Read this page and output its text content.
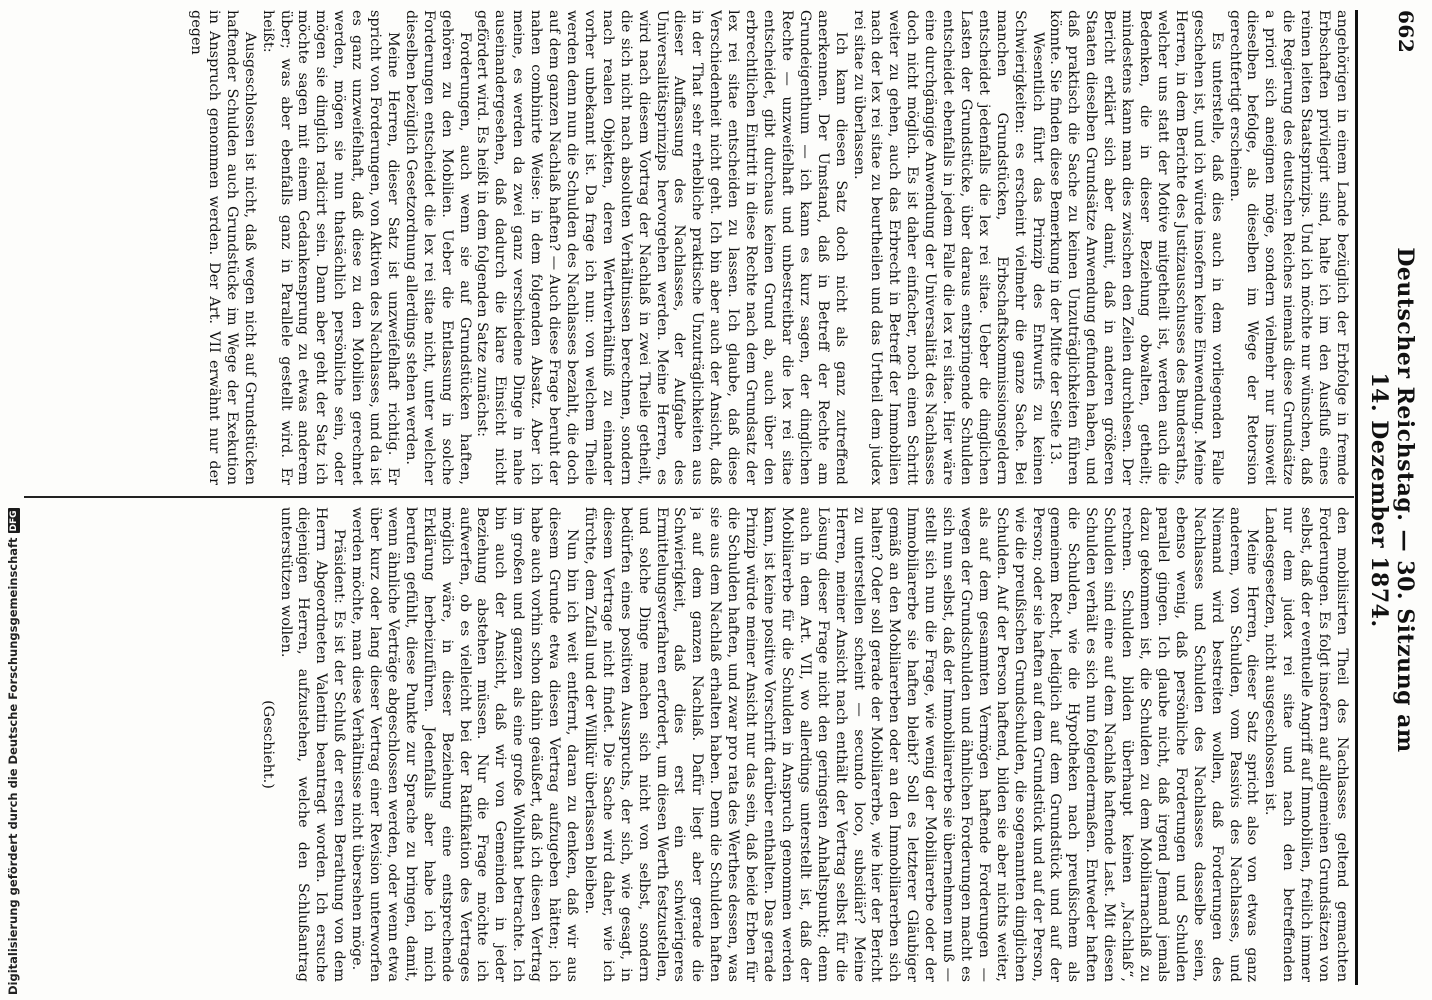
662
Deutscher Reichstag. — 30. Sitzung am 14. Dezember 1874.

angehörigen in einem Lande bezüglich der Erbfolge in fremde Erbschaften privilegirt sind, halte ich im den Ausfluß eines reinen leiten Staatsprinzips. Und ich möchte nur wünschen, daß die Regierung des deutschen Reiches niemals diese Grundsätze a priori sich aneignen möge, sondern vielmehr nur insoweit dieselben befolge, als dieselben im Wege der Retorsion gerechtfertigt erscheinen.

Es unterstelle, daß dies auch in dem vorliegenden Falle geschehen ist, und ich würde insofern keine Einwendung. Meine Herren, in dem Berichte des Justizausschusses des Bundesraths, welcher uns statt der Motive mitgetheilt ist, werden auch die Bedenken, die in dieser Beziehung obwalten, getheilt; mindestens kann man dies zwischen den Zeilen durchlesen. Der Bericht erklärt sich aber damit, daß in anderen größeren Staaten dieselben Grundsätze Anwendung gefunden haben, und daß praktisch die Sache zu keinen Unzuträglichkeiten führen könnte. Sie finden diese Bemerkung in der Mitte der Seite 13.

Wesentlich führt das Prinzip des Entwurfs zu keinen Schwierigkeiten: es erscheint vielmehr die ganze Sache. Bei manchen Grundstücken, Erbschaftskommissionsgeldern entscheidet jedenfalls die lex rei sitae. Ueber die dinglichen Lasten der Grundstücke, über daraus entspringende Schulden entscheidet ebenfalls in jedem Falle die lex rei sitae. Hier wäre eine durchgängige Anwendung der Universalität des Nachlasses doch nicht möglich. Es ist daher einfacher, noch einen Schritt weiter zu gehen, auch das Erbrecht in Betreff der Immobilien nach der lex rei sitae zu beurtheilen und das Urtheil dem judex rei sitae zu überlassen.

Ich kann diesen Satz doch nicht als ganz zutreffend anerkennen. Der Umstand, daß in Betreff der Rechte am Grundeigenthum — ich kann es kurz sagen, der dinglichen Rechte — unzweifelhaft und unbestreitbar die lex rei sitae entscheidet, gibt durchaus keinen Grund ab, auch über den erbrechtlichen Eintritt in diese Rechte nach dem Grundsatz der lex rei sitae entscheiden zu lassen. Ich glaube, daß diese Verschiedenheit nicht geht. Ich bin aber auch der Ansicht, daß in der That sehr erhebliche praktische Unzuträglichkeiten aus dieser Auffassung des Nachlasses, der Aufgabe des Universalitätsprinzips hervorgehen werden. Meine Herren, es wird nach diesem Vortrag der Nachlaß in zwei Theile getheilt, die sich nicht nach absoluten Verhältnissen berechnen, sondern nach realen Objekten, deren Werthverhältniß zu einander vorher unbekannt ist. Da frage ich nun: von welchem Theile werden denn nun die Schulden des Nachlasses bezahlt, die doch auf dem ganzen Nachlaß haften? — Auch diese Frage beruht der nahen combinirte Weise: in dem folgenden Absatz. Aber ich meine, es werden da zwei ganz verschiedene Dinge in nahe auseinandergesehen, daß dadurch die klare Einsicht nicht gefördert wird. Es heißt in dem folgenden Satze zunächst:

Forderungen, auch wenn sie auf Grundstücken haften, gehören zu den Mobilien. Ueber die Entlassung in solche Forderungen entscheidet die lex rei sitae nicht, unter welcher dieselben bezüglich Gesetzordnung allerdings stehen werden.

Meine Herren, dieser Satz ist unzweifelhaft richtig. Er spricht von Forderungen, von Aktiven des Nachlasses, und da ist es ganz unzweifelhaft, daß diese zu den Mobilien gerechnet werden, mögen sie nun thatsächlich persönliche sein, oder mögen sie dinglich radicirt sein. Dann aber geht der Satz ich möchte sagen mit einem Gedankensprung zu etwas anderem über; was aber ebenfalls ganz in Parallele gestellt wird. Er heißt:

Ausgeschlossen ist nicht, daß wegen nicht auf Grundstücken haftender Schulden auch Grundstücke im Wege der Exekution in Anspruch genommen werden. Der Art. VII erwähnt nur der gegen

den mobilisirten Theil des Nachlasses geltend gemachten Forderungen. Es folgt insofern auf allgemeinen Grundsätzen von selbst, daß der eventuelle Angriff auf Immobilien, freilich immer nur dem judex rei sitae und nach den betreffenden Landesgesetzen, nicht ausgeschlossen ist.

Meine Herren, dieser Satz spricht also von etwas ganz anderem, von Schulden, vom Passivis des Nachlasses, und Niemand wird bestreiten wollen, daß Forderungen des Nachlasses und Schulden des Nachlasses dasselbe seien, ebenso wenig, daß persönliche Forderungen und Schulden parallel gingen. Ich glaube nicht, daß irgend Jemand jemals dazu gekommen ist, die Schulden zu dem Mobiliarnachlaß zu rechnen. Schulden bilden überhaupt keinen „Nachlaß“, Schulden sind eine auf dem Nachlaß haftende Last. Mit diesen Schulden verhält es sich nun folgendermaßen. Entweder haften die Schulden, wie die Hypotheken nach preußischem als gemeinem Recht, lediglich auf dem Grundstück und auf der Person; oder sie haften auf dem Grundstück und auf der Person, wie die preußischen Grundschulden, die sogenannten dinglichen Schulden. Auf der Person haftend, bilden sie aber nichts weiter, als auf dem gesammten Vermögen haftende Forderungen — wegen der Grundschulden und ähnlichen Forderungen macht es sich nun selbst, daß der Immobiliarerbe sie übernehmen muß — stellt sich nun die Frage, wie wenig der Mobiliarerbe oder der Immobiliarerbe sie haften bleibt? Soll es letzterer Gläubiger gemäß an den Mobiliarerben oder an den Immobiliarerben sich halten? Oder soll gerade der Mobiliarerbe, wie hier der Bericht zu unterstellen scheint — secundo loco, subsidiär? Meine Herren, meiner Ansicht nach enthält der Vertrag selbst für die Lösung dieser Frage nicht den geringsten Anhaltspunkt; denn auch in dem Art. VII, wo allerdings unterstellt ist, daß der Mobiliarerbe für die Schulden in Anspruch genommen werden kann, ist keine positive Vorschrift darüber enthalten. Das gerade Prinzip würde meiner Ansicht nur das sein, daß beide Erben für die Schulden haften, und zwar pro rata des Werthes dessen, was sie aus dem Nachlaß erhalten haben. Denn die Schulden haften ja auf dem ganzen Nachlaß. Dafür liegt aber gerade die Schwierigkeit, daß dies erst ein schwierigeres Ermittelungsverfahren erfordert, um diesen Werth festzustellen, und solche Dinge machen sich nicht von selbst, sondern bedürfen eines positiven Ausspruchs, der sich, wie gesagt, in diesem Vertrage nicht findet. Die Sache wird daher, wie ich fürchte, dem Zufall und der Willkür überlassen bleiben.

Nun bin ich weit entfernt, daran zu denken, daß wir aus diesem Grunde etwa diesen Vertrag aufzugeben hätten; ich habe auch vorhin schon dahin geäußert, daß ich diesen Vertrag im großen und ganzen als eine große Wohlthat betrachte. Ich bin auch der Ansicht, daß wir von Gemeinden in jeder Beziehung abstehen müssen. Nur die Frage möchte ich aufwerfen, ob es vielleicht bei der Ratifikation des Vertrages möglich wäre, in dieser Beziehung eine entsprechende Erklärung herbeizuführen. Jedenfalls aber habe ich mich berufen gefühlt, diese Punkte zur Sprache zu bringen, damit, wenn ähnliche Verträge abgeschlossen werden, oder wenn etwa über kurz oder lang dieser Vertrag einer Revision unterworfen werden möchte, man diese Verhältnisse nicht übersehen möge.

Präsident: Es ist der Schluß der ersten Berathung von dem Herrn Abgeordneten Valentin beantragt worden. Ich ersuche diejenigen Herren, aufzustehen, welche den Schlußantrag unterstützen wollen.

(Geschieht.)

Digitalisierung gefördert durch die Deutsche ForschungsgemeinschaftDFG
